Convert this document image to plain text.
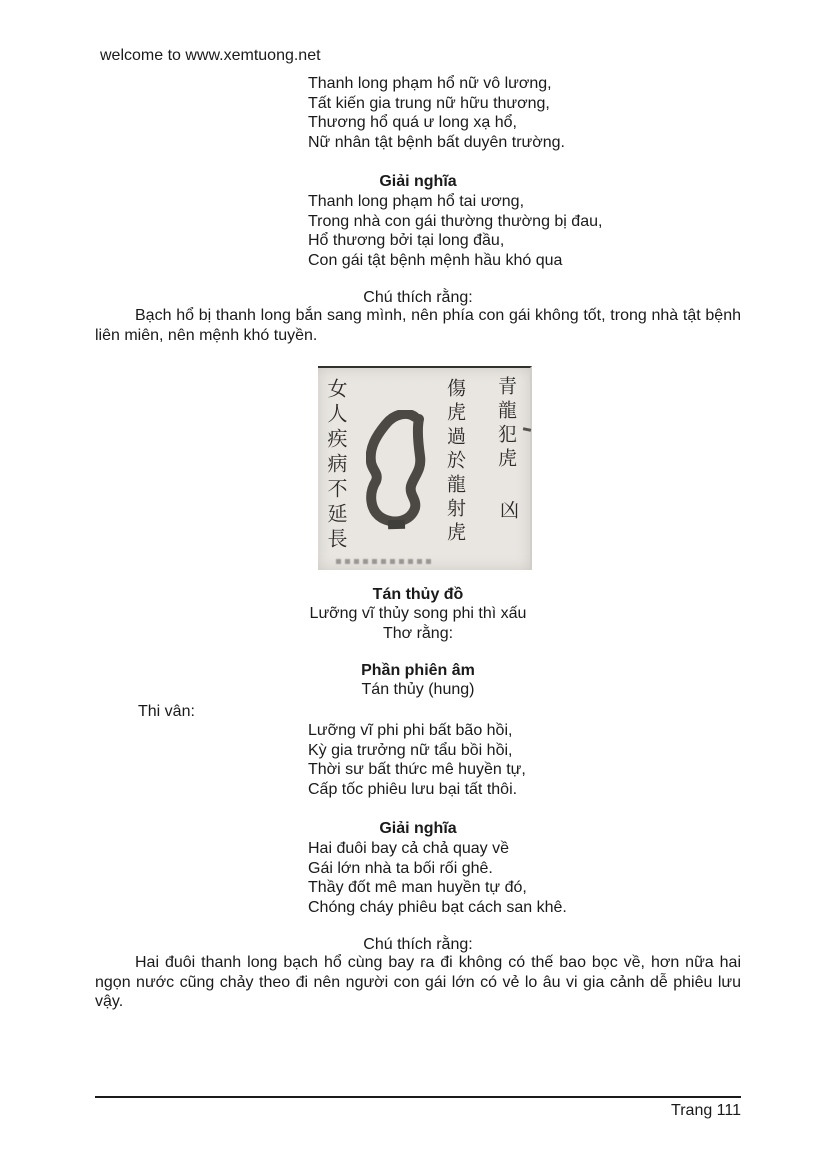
welcome to www.xemtuong.net
Thanh long phạm hổ nữ vô lương,
Tất kiến gia trung nữ hữu thương,
Thương hổ quá ư long xạ hổ,
Nữ nhân tật bệnh bất duyên trường.
Giải nghĩa
Thanh long phạm hổ tai ương,
Trong nhà con gái thường thường bị đau,
Hổ thương bởi tại long đầu,
Con gái tật bệnh mệnh hầu khó qua
Chú thích rằng:
Bạch hổ bị thanh long bắn sang mình, nên phía con gái không tốt, trong nhà tật bệnh liên miên, nên mệnh khó tuyền.
女人疾病不延長	傷虎過於龍射虎 青龍犯虎
凶
Tán thủy đồ
Lưỡng vĩ thủy song phi thì xấu
Thơ rằng:
Phần phiên âm
Tán thủy (hung)
Thi vân:
Lưỡng vĩ phi phi bất bão hồi,
Kỳ gia trưởng nữ tẩu bồi hồi,
Thời sư bất thức mê huyền tự,
Cấp tốc phiêu lưu bại tất thôi.
Giải nghĩa
Hai đuôi bay cả chả quay về
Gái lớn nhà ta bối rối ghê.
Thầy đốt mê man huyền tự đó,
Chóng cháy phiêu bạt cách san khê.
Chú thích rằng:
Hai đuôi thanh long bạch hổ cùng bay ra đi không có thế bao bọc về, hơn nữa hai ngọn nước cũng chảy theo đi nên người con gái lớn có vẻ lo âu vi gia cảnh dễ phiêu lưu vậy.
Trang 111
